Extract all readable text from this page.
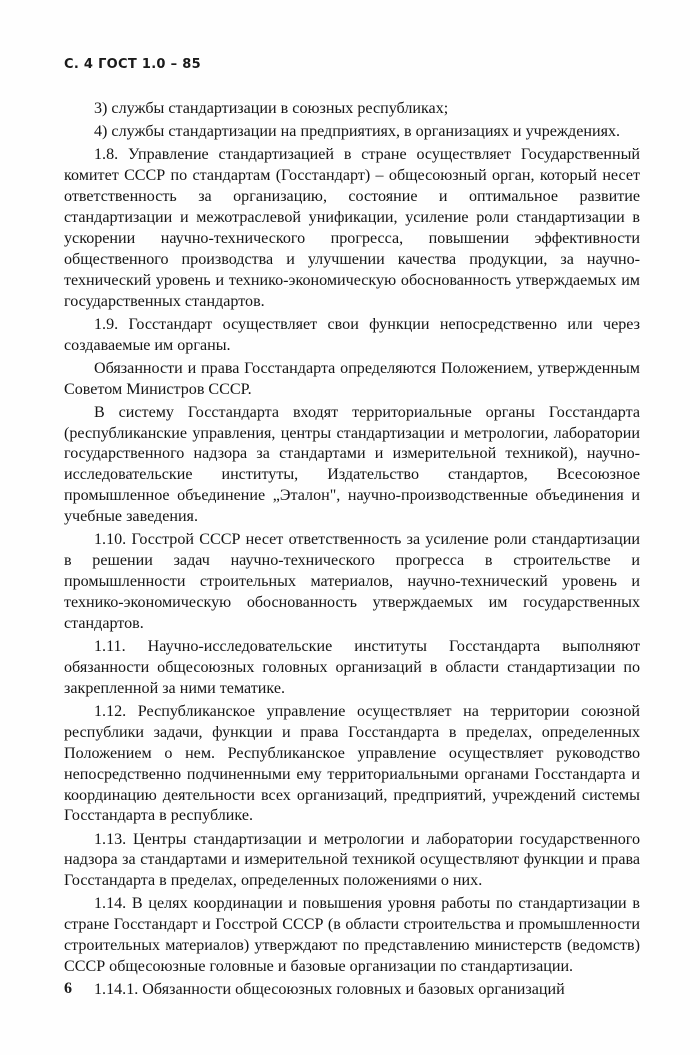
С. 4 ГОСТ 1.0 – 85

3) службы стандартизации в союзных республиках;

4) службы стандартизации на предприятиях, в организациях и учреждениях.

1.8. Управление стандартизацией в стране осуществляет Государственный комитет СССР по стандартам (Госстандарт) – общесоюзный орган, который несет ответственность за организацию, состояние и оптимальное развитие стандартизации и межотраслевой унификации, усиление роли стандартизации в ускорении научно-технического прогресса, повышении эффективности общественного производства и улучшении качества продукции, за научно-технический уровень и технико-экономическую обоснованность утверждаемых им государственных стандартов.

1.9. Госстандарт осуществляет свои функции непосредственно или через создаваемые им органы.

Обязанности и права Госстандарта определяются Положением, утвержденным Советом Министров СССР.

В систему Госстандарта входят территориальные органы Госстандарта (республиканские управления, центры стандартизации и метрологии, лаборатории государственного надзора за стандартами и измерительной техникой), научно-исследовательские институты, Издательство стандартов, Всесоюзное промышленное объединение „Эталон", научно-производственные объединения и учебные заведения.

1.10. Госстрой СССР несет ответственность за усиление роли стандартизации в решении задач научно-технического прогресса в строительстве и промышленности строительных материалов, научно-технический уровень и технико-экономическую обоснованность утверждаемых им государственных стандартов.

1.11. Научно-исследовательские институты Госстандарта выполняют обязанности общесоюзных головных организаций в области стандартизации по закрепленной за ними тематике.

1.12. Республиканское управление осуществляет на территории союзной республики задачи, функции и права Госстандарта в пределах, определенных Положением о нем. Республиканское управление осуществляет руководство непосредственно подчиненными ему территориальными органами Госстандарта и координацию деятельности всех организаций, предприятий, учреждений системы Госстандарта в республике.

1.13. Центры стандартизации и метрологии и лаборатории государственного надзора за стандартами и измерительной техникой осуществляют функции и права Госстандарта в пределах, определенных положениями о них.

1.14. В целях координации и повышения уровня работы по стандартизации в стране Госстандарт и Госстрой СССР (в области строительства и промышленности строительных материалов) утверждают по представлению министерств (ведомств) СССР общесоюзные головные и базовые организации по стандартизации.

1.14.1. Обязанности общесоюзных головных и базовых организаций

6
